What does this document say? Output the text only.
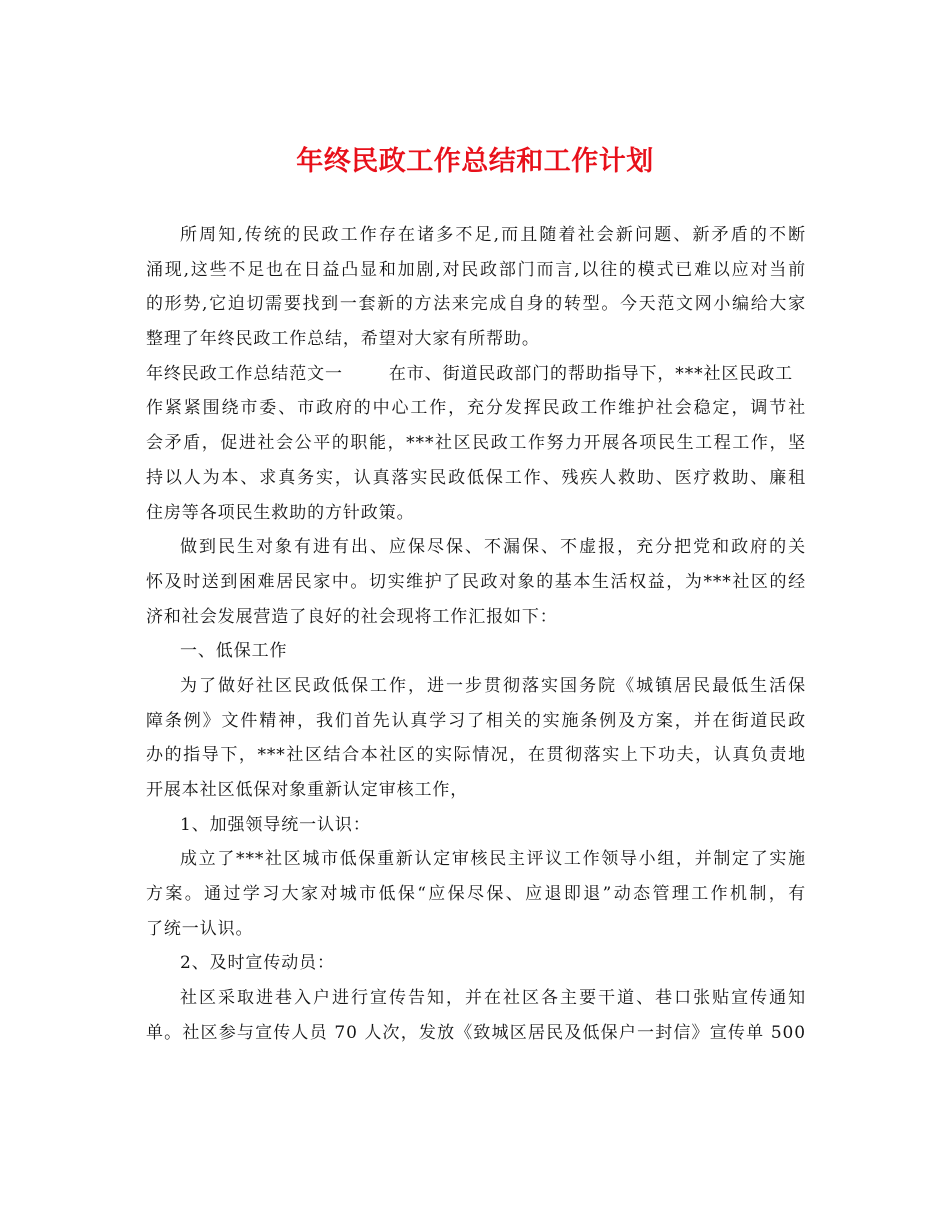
年终民政工作总结和工作计划
所周知,传统的民政工作存在诸多不足,而且随着社会新问题、新矛盾的不断
涌现,这些不足也在日益凸显和加剧,对民政部门而言,以往的模式已难以应对当前
的形势,它迫切需要找到一套新的方法来完成自身的转型。今天范文网小编给大家
整理了年终民政工作总结，希望对大家有所帮助。
年终民政工作总结范文一	在市、街道民政部门的帮助指导下，***社区民政工
作紧紧围绕市委、市政府的中心工作，充分发挥民政工作维护社会稳定，调节社
会矛盾，促进社会公平的职能，***社区民政工作努力开展各项民生工程工作，坚
持以人为本、求真务实，认真落实民政低保工作、残疾人救助、医疗救助、廉租
住房等各项民生救助的方针政策。
做到民生对象有进有出、应保尽保、不漏保、不虚报，充分把党和政府的关
怀及时送到困难居民家中。切实维护了民政对象的基本生活权益，为***社区的经
济和社会发展营造了良好的社会现将工作汇报如下：
一、低保工作
为了做好社区民政低保工作，进一步贯彻落实国务院《城镇居民最低生活保
障条例》文件精神，我们首先认真学习了相关的实施条例及方案，并在街道民政
办的指导下，***社区结合本社区的实际情况，在贯彻落实上下功夫，认真负责地
开展本社区低保对象重新认定审核工作，
1、加强领导统一认识：
成立了***社区城市低保重新认定审核民主评议工作领导小组，并制定了实施
方案。通过学习大家对城市低保“应保尽保、应退即退”动态管理工作机制，有
了统一认识。
2、及时宣传动员：
社区采取进巷入户进行宣传告知，并在社区各主要干道、巷口张贴宣传通知
单。社区参与宣传人员 70 人次，发放《致城区居民及低保户一封信》宣传单 500
